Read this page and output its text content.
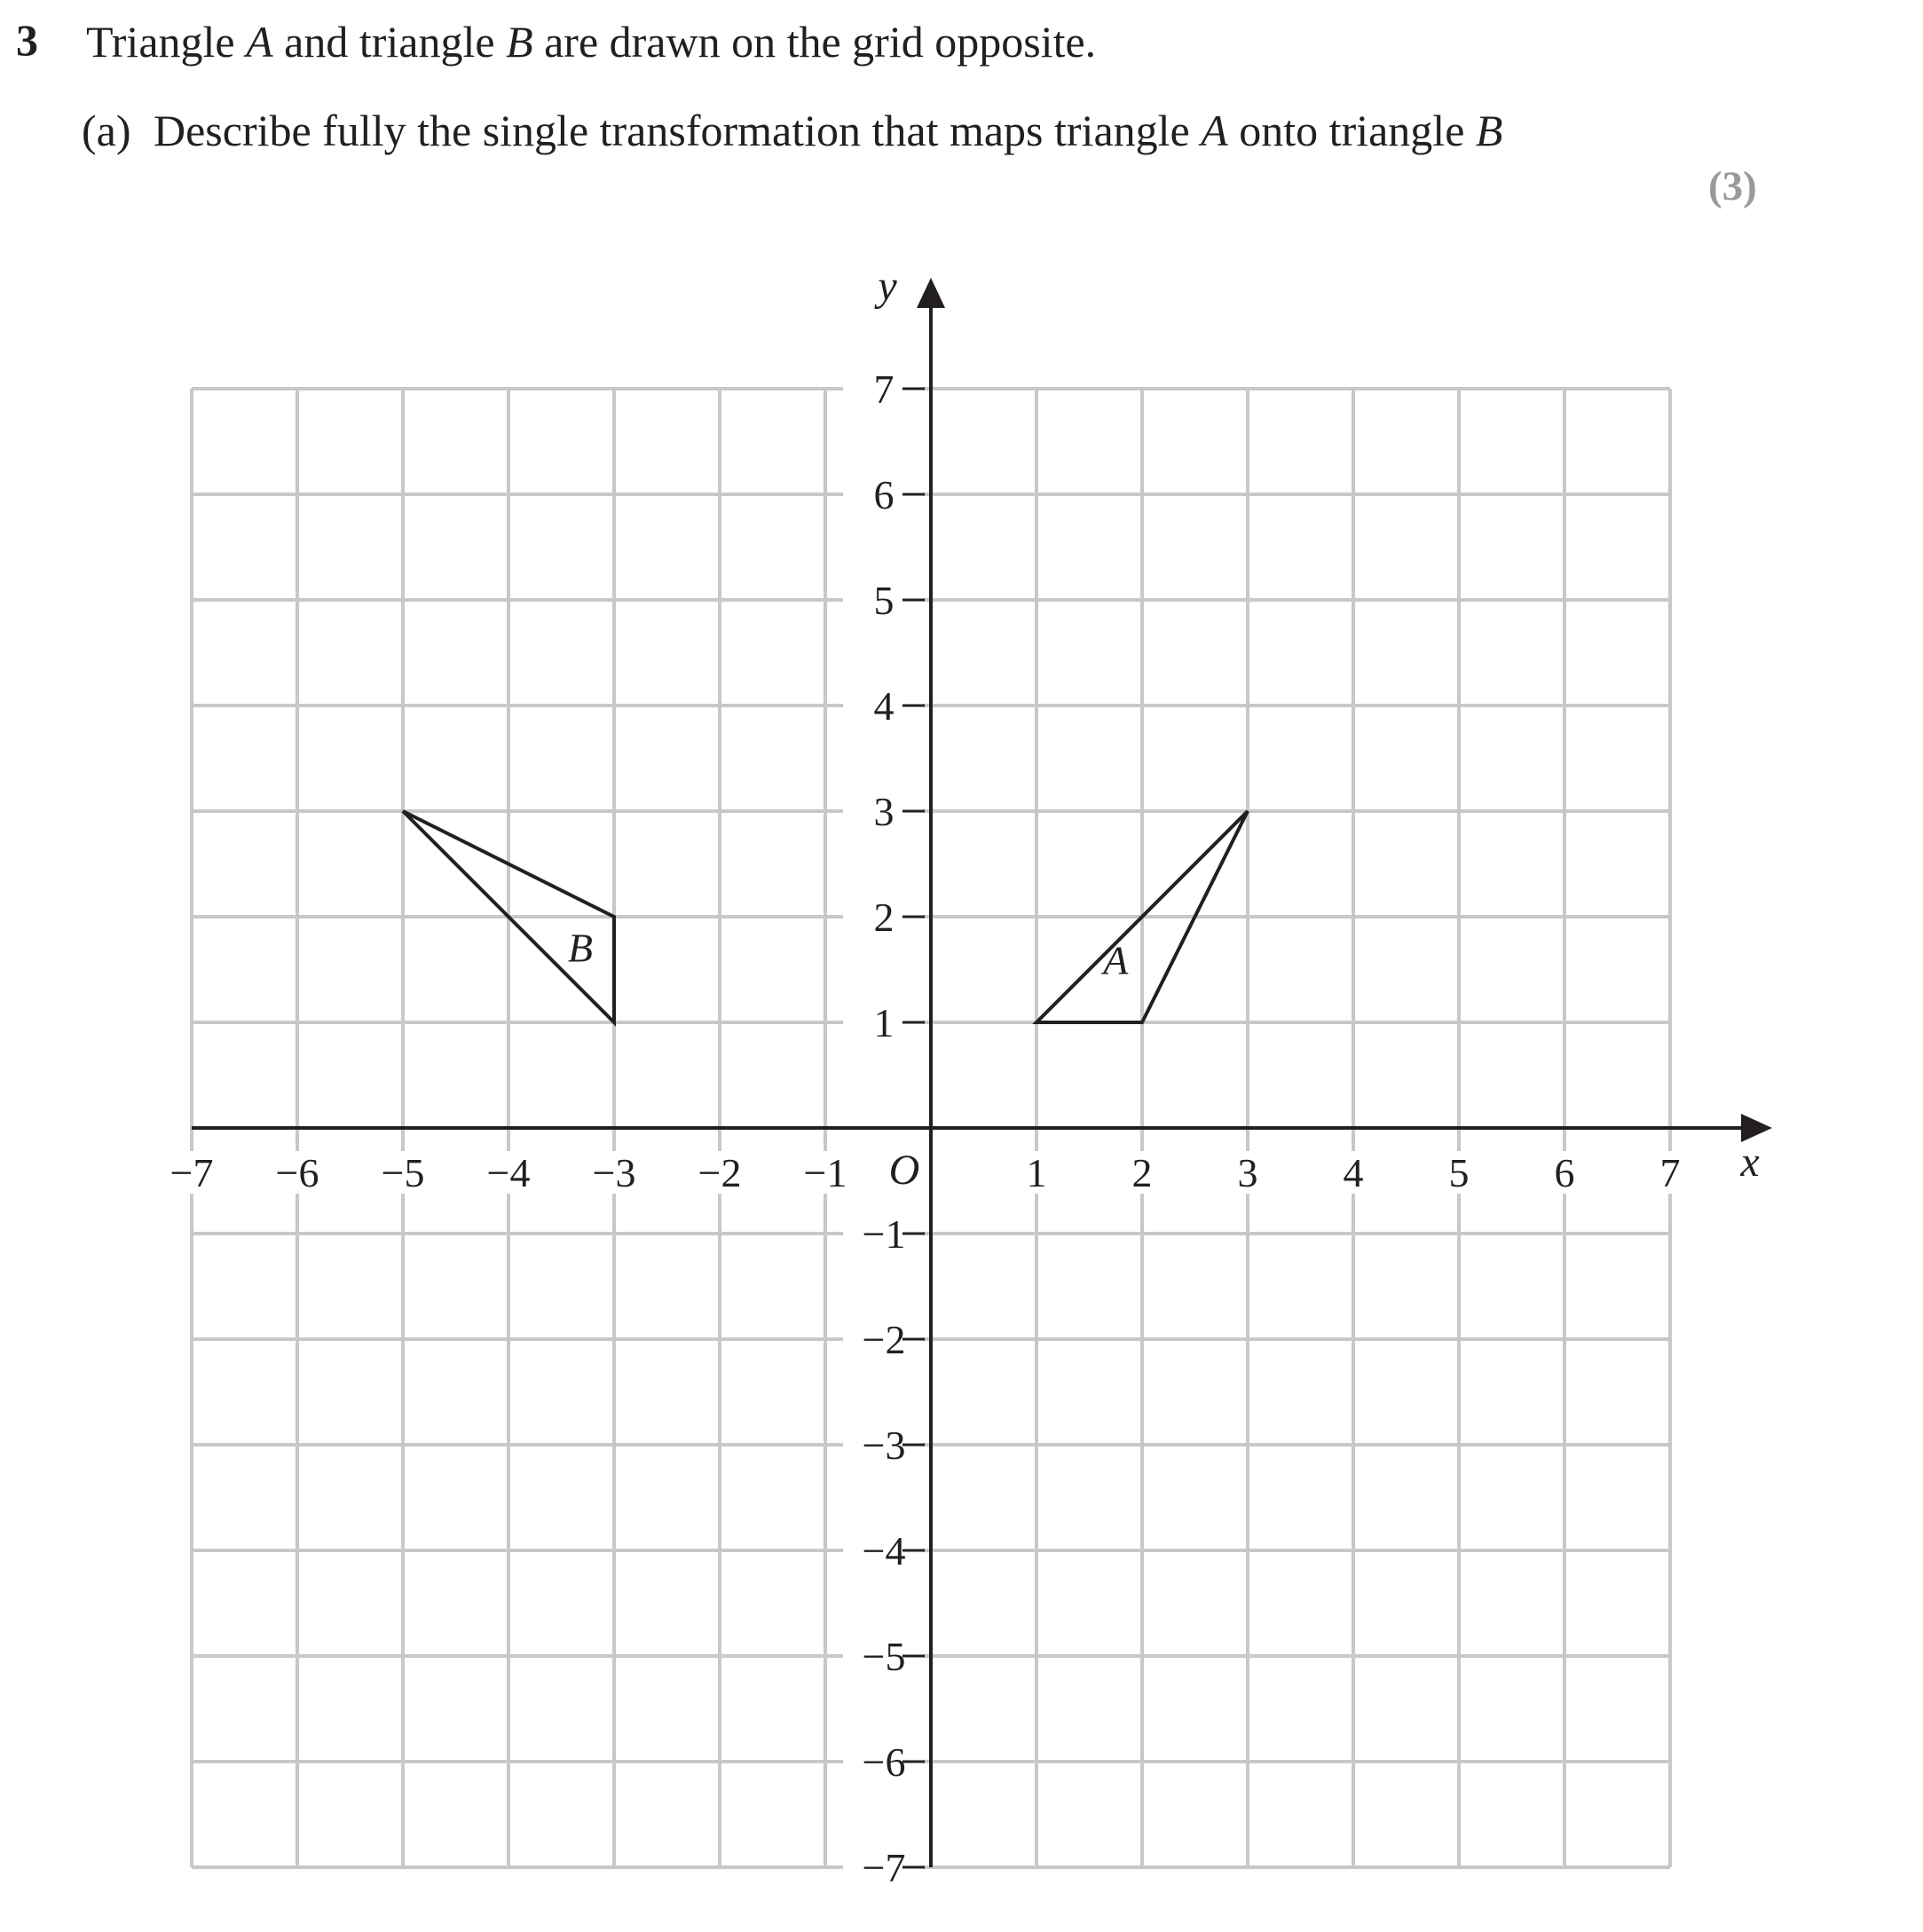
3 Triangle A and triangle B are drawn on the grid opposite.
(a) Describe fully the single transformation that maps triangle A onto triangle B
(3)
7
6
5
4
3
2
1
−1
−2
−3
−4
−5
−6
−7
−7 −6 −5 −4 −3 −2 −1	1 2 3 4 5 6 7
O	x
y
A
B
